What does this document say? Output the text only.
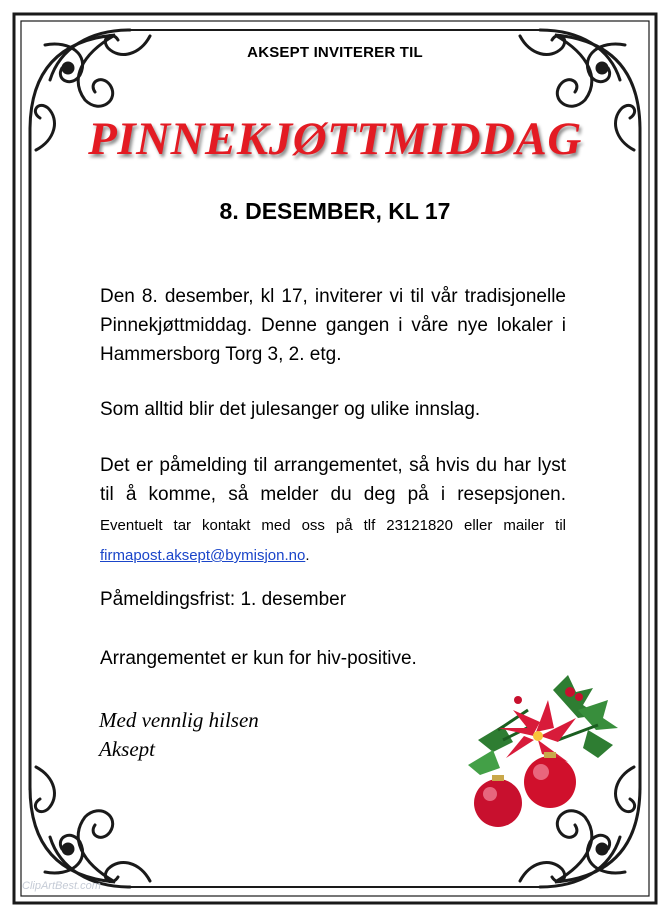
AKSEPT INVITERER TIL
PINNEKJØTTMIDDAG
8. DESEMBER, KL 17
Den 8. desember, kl 17, inviterer vi til vår tradisjonelle Pinnekjøttmiddag. Denne gangen i våre nye lokaler i Hammersborg Torg 3, 2. etg.
Som alltid blir det julesanger og ulike innslag.
Det er påmelding til arrangementet, så hvis du har lyst til å komme, så melder du deg på i resepsjonen. Eventuelt tar kontakt med oss på tlf 23121820 eller mailer til firmapost.aksept@bymisjon.no.
Påmeldingsfrist: 1. desember
Arrangementet er kun for hiv-positive.
Med vennlig hilsen
Aksept
ClipArtBest.com
